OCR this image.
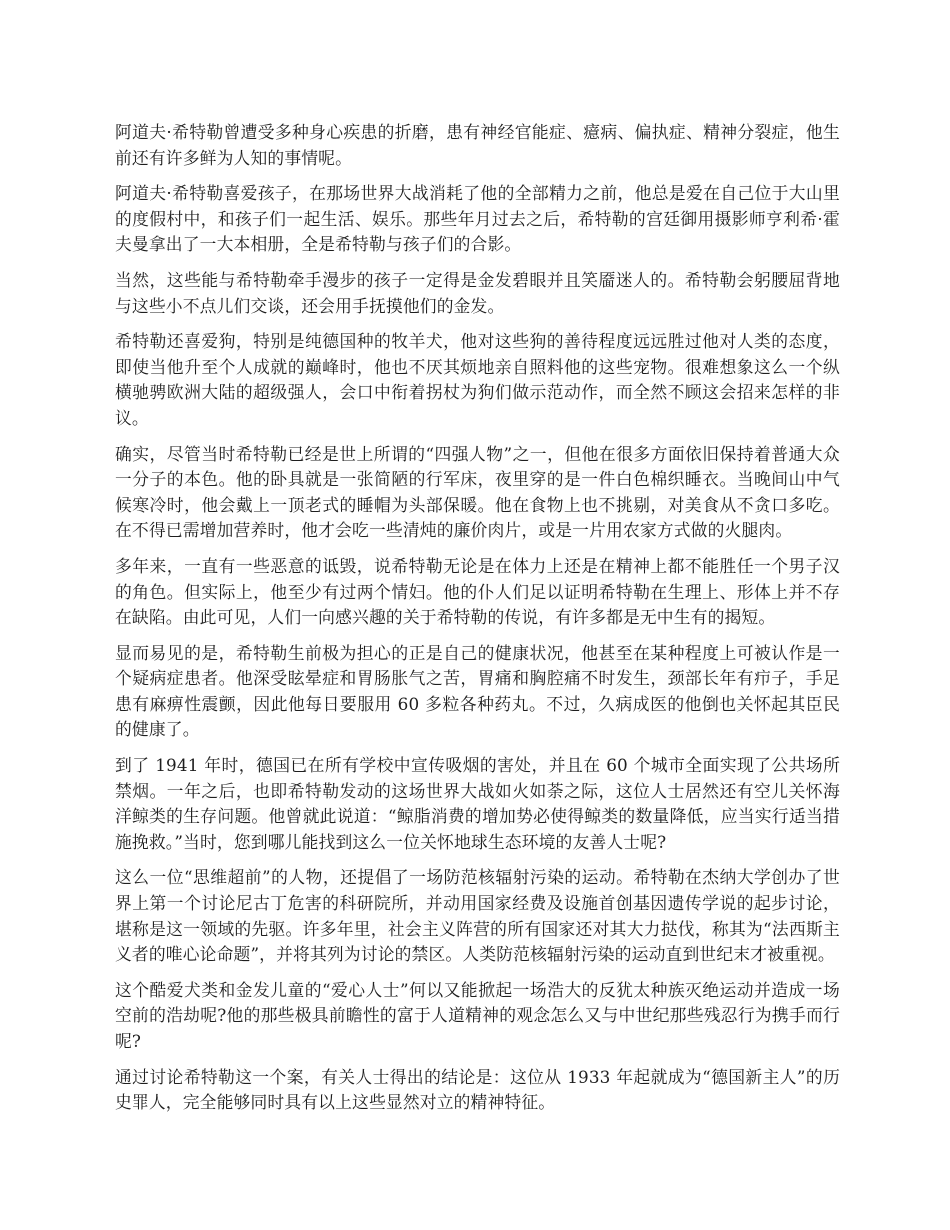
阿道夫·希特勒曾遭受多种身心疾患的折磨，患有神经官能症、癔病、偏执症、精神分裂症，他生前还有许多鲜为人知的事情呢。

阿道夫·希特勒喜爱孩子，在那场世界大战消耗了他的全部精力之前，他总是爱在自己位于大山里的度假村中，和孩子们一起生活、娱乐。那些年月过去之后，希特勒的宫廷御用摄影师亨利希·霍夫曼拿出了一大本相册，全是希特勒与孩子们的合影。

当然，这些能与希特勒牵手漫步的孩子一定得是金发碧眼并且笑靥迷人的。希特勒会躬腰屈背地与这些小不点儿们交谈，还会用手抚摸他们的金发。

希特勒还喜爱狗，特别是纯德国种的牧羊犬，他对这些狗的善待程度远远胜过他对人类的态度，即使当他升至个人成就的巅峰时，他也不厌其烦地亲自照料他的这些宠物。很难想象这么一个纵横驰骋欧洲大陆的超级强人，会口中衔着拐杖为狗们做示范动作，而全然不顾这会招来怎样的非议。

确实，尽管当时希特勒已经是世上所谓的“四强人物”之一，但他在很多方面依旧保持着普通大众一分子的本色。他的卧具就是一张简陋的行军床，夜里穿的是一件白色棉织睡衣。当晚间山中气候寒冷时，他会戴上一顶老式的睡帽为头部保暖。他在食物上也不挑剔，对美食从不贪口多吃。在不得已需增加营养时，他才会吃一些清炖的廉价肉片，或是一片用农家方式做的火腿肉。

多年来，一直有一些恶意的诋毁，说希特勒无论是在体力上还是在精神上都不能胜任一个男子汉的角色。但实际上，他至少有过两个情妇。他的仆人们足以证明希特勒在生理上、形体上并不存在缺陷。由此可见，人们一向感兴趣的关于希特勒的传说，有许多都是无中生有的揭短。

显而易见的是，希特勒生前极为担心的正是自己的健康状况，他甚至在某种程度上可被认作是一个疑病症患者。他深受眩晕症和胃肠胀气之苦，胃痛和胸腔痛不时发生，颈部长年有疖子，手足患有麻痹性震颤，因此他每日要服用 60 多粒各种药丸。不过，久病成医的他倒也关怀起其臣民的健康了。

到了 1941 年时，德国已在所有学校中宣传吸烟的害处，并且在 60 个城市全面实现了公共场所禁烟。一年之后，也即希特勒发动的这场世界大战如火如荼之际，这位人士居然还有空儿关怀海洋鲸类的生存问题。他曾就此说道：“鲸脂消费的增加势必使得鲸类的数量降低，应当实行适当措施挽救。”当时，您到哪儿能找到这么一位关怀地球生态环境的友善人士呢?

这么一位“思维超前”的人物，还提倡了一场防范核辐射污染的运动。希特勒在杰纳大学创办了世界上第一个讨论尼古丁危害的科研院所，并动用国家经费及设施首创基因遗传学说的起步讨论，堪称是这一领域的先驱。许多年里，社会主义阵营的所有国家还对其大力挞伐，称其为“法西斯主义者的唯心论命题”，并将其列为讨论的禁区。人类防范核辐射污染的运动直到世纪末才被重视。

这个酷爱犬类和金发儿童的“爱心人士”何以又能掀起一场浩大的反犹太种族灭绝运动并造成一场空前的浩劫呢?他的那些极具前瞻性的富于人道精神的观念怎么又与中世纪那些残忍行为携手而行呢?

通过讨论希特勒这一个案，有关人士得出的结论是：这位从 1933 年起就成为“德国新主人”的历史罪人，完全能够同时具有以上这些显然对立的精神特征。
